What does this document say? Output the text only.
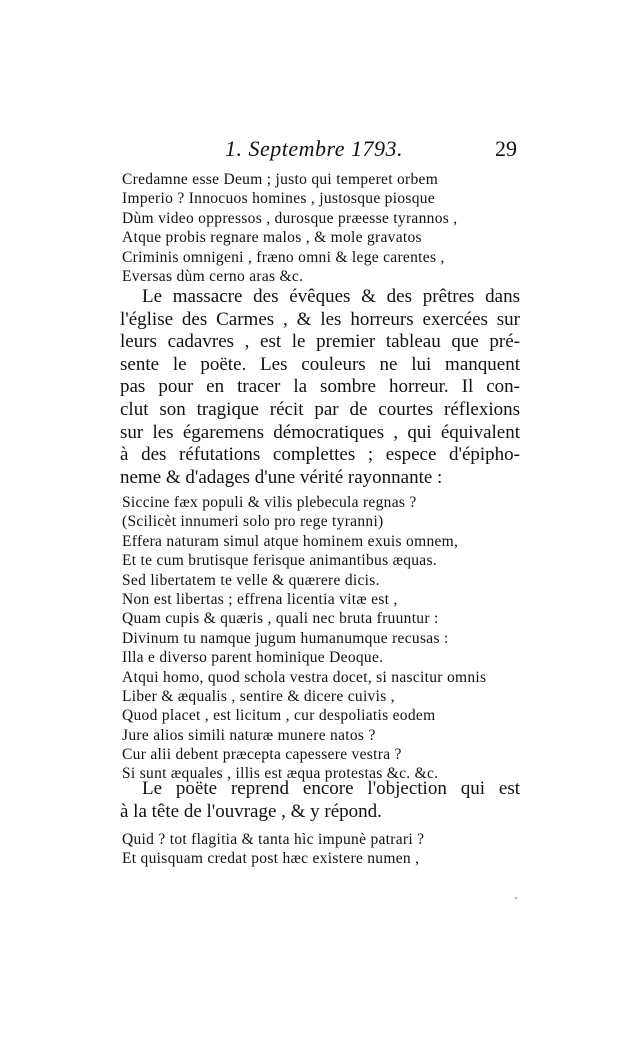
1. Septembre 1793.	29
Credamne esse Deum ; justo qui temperet orbem
Imperio ? Innocuos homines , justosque piosque
Dùm video oppressos , durosque præesse tyrannos ,
Atque probis regnare malos , & mole gravatos
Criminis omnigeni , fræno omni & lege carentes ,
Eversas dùm cerno aras &c.
Le massacre des évêques & des prêtres dans
l'église des Carmes , & les horreurs exercées sur
leurs cadavres , est le premier tableau que pré-
sente le poëte. Les couleurs ne lui manquent
pas pour en tracer la sombre horreur. Il con-
clut son tragique récit par de courtes réflexions
sur les égaremens démocratiques , qui équivalent
à des réfutations complettes ; espece d'épipho-
neme & d'adages d'une vérité rayonnante :
Siccine fæx populi & vilis plebecula regnas ?
(Scilicèt innumeri solo pro rege tyranni)
Effera naturam simul atque hominem exuis omnem,
Et te cum brutisque ferisque animantibus æquas.
Sed libertatem te velle & quærere dicis.
Non est libertas ; effrena licentia vitæ est ,
Quam cupis & quæris , quali nec bruta fruuntur :
Divinum tu namque jugum humanumque recusas :
Illa e diverso parent hominique Deoque.
Atqui homo, quod schola vestra docet, si nascitur omnis
Liber & æqualis , sentire & dicere cuivis ,
Quod placet , est licitum , cur despoliatis eodem
Jure alios simili naturæ munere natos ?
Cur alii debent præcepta capessere vestra ?
Si sunt æquales , illis est æqua protestas &c. &c.
Le poëte reprend encore l'objection qui est
à la tête de l'ouvrage , & y répond.
Quid ? tot flagitia & tanta hìc impunè patrari ?
Et quisquam credat post hæc existere numen ,
'
